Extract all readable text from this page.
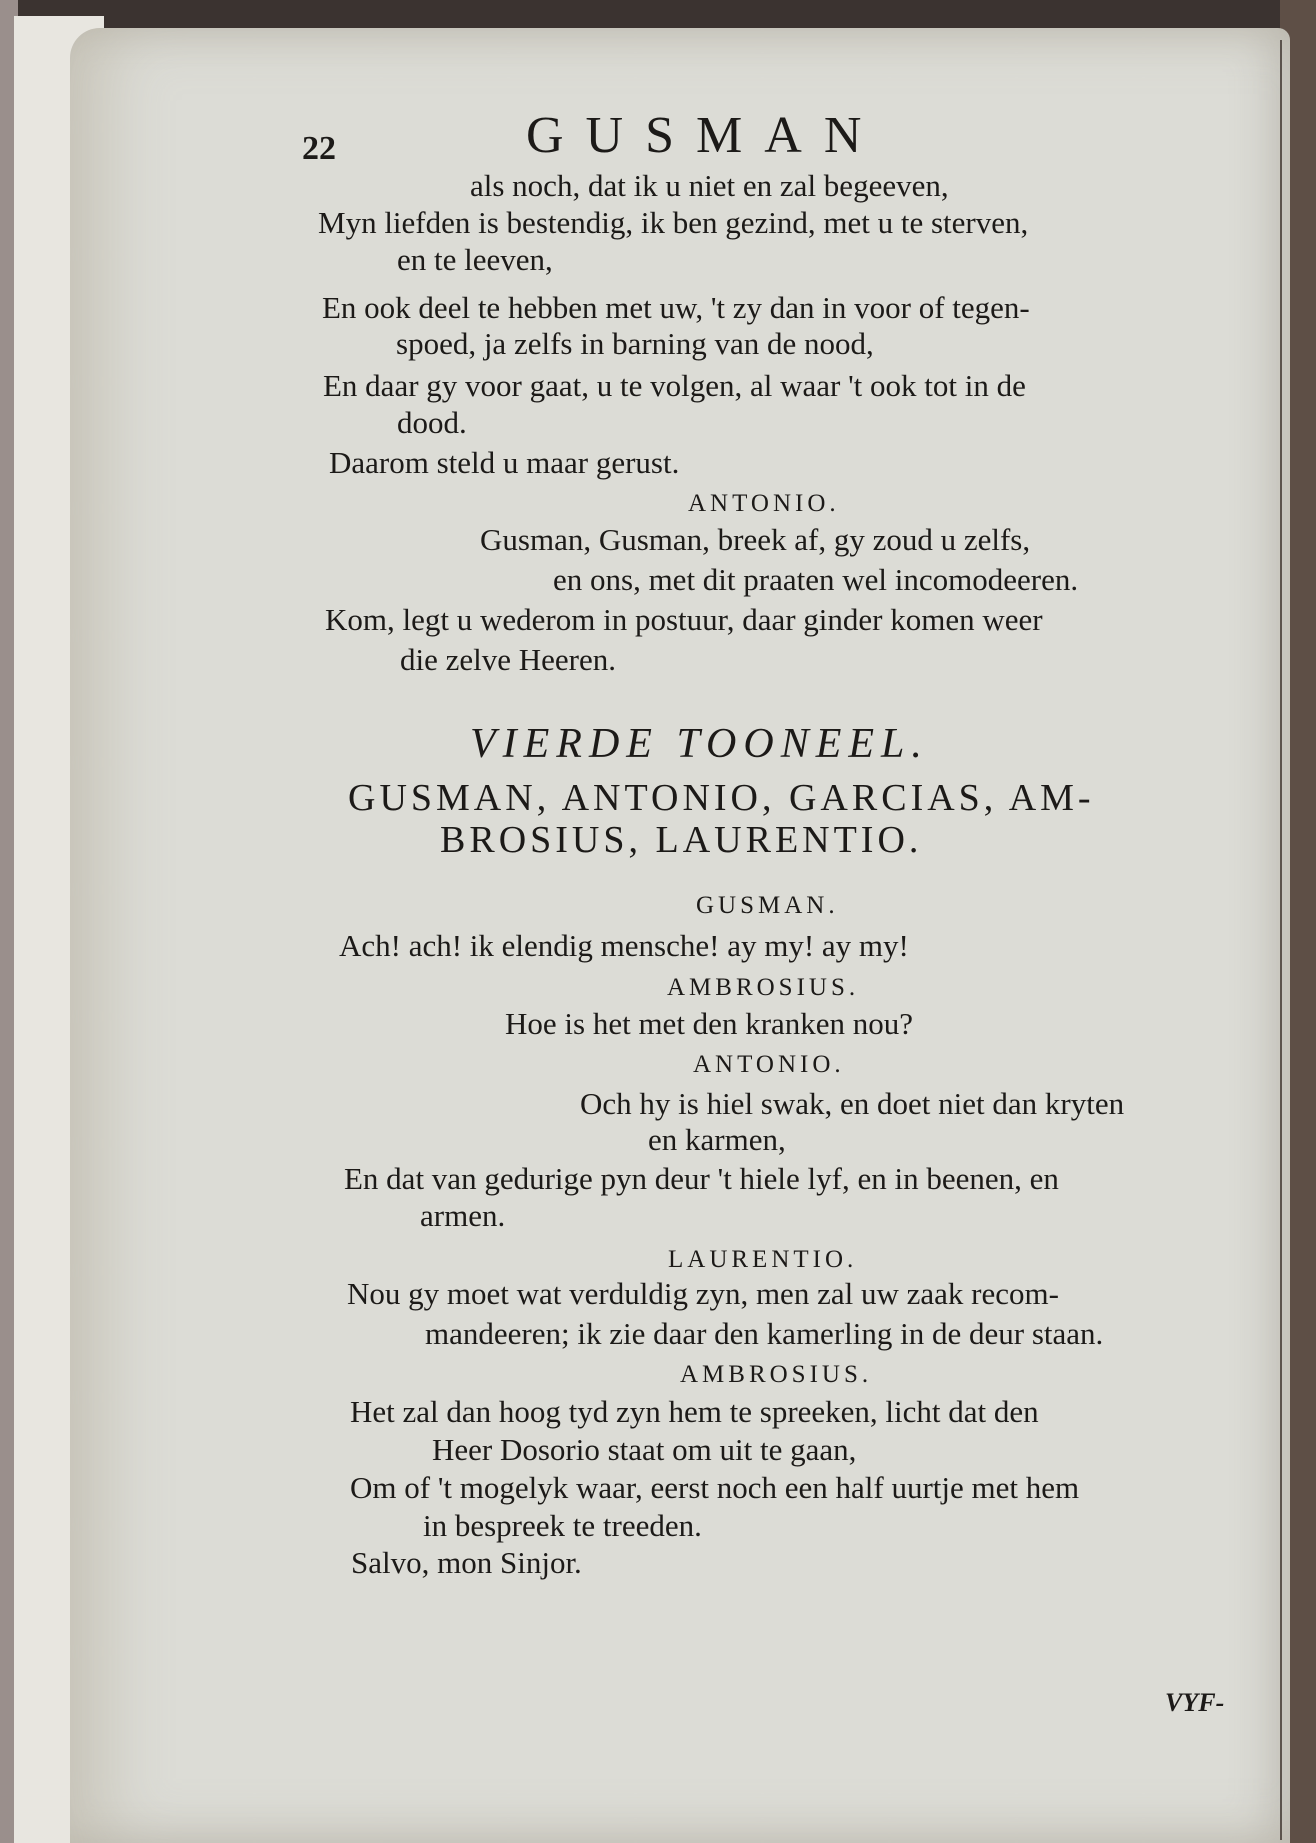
22	GUSMAN
als noch, dat ik u niet en zal begeeven,
Myn liefden is bestendig, ik ben gezind, met u te sterven,
en te leeven,
En ook deel te hebben met uw, 't zy dan in voor of tegen-
spoed, ja zelfs in barning van de nood,
En daar gy voor gaat, u te volgen, al waar 't ook tot in de
dood.
Daarom steld u maar gerust.
ANTONIO.
Gusman, Gusman, breek af, gy zoud u zelfs,
en ons, met dit praaten wel incomodeeren.
Kom, legt u wederom in postuur, daar ginder komen weer
die zelve Heeren.
VIERDE TOONEEL.
GUSMAN, ANTONIO, GARCIAS, AM-
BROSIUS, LAURENTIO.
GUSMAN.
Ach! ach! ik elendig mensche! ay my! ay my!
AMBROSIUS.
Hoe is het met den kranken nou?
ANTONIO.
Och hy is hiel swak, en doet niet dan kryten
en karmen,
En dat van gedurige pyn deur 't hiele lyf, en in beenen, en
armen.
LAURENTIO.
Nou gy moet wat verduldig zyn, men zal uw zaak recom-
mandeeren; ik zie daar den kamerling in de deur staan.
AMBROSIUS.
Het zal dan hoog tyd zyn hem te spreeken, licht dat den
Heer Dosorio staat om uit te gaan,
Om of 't mogelyk waar, eerst noch een half uurtje met hem
in bespreek te treeden.
Salvo, mon Sinjor.
VYF-
